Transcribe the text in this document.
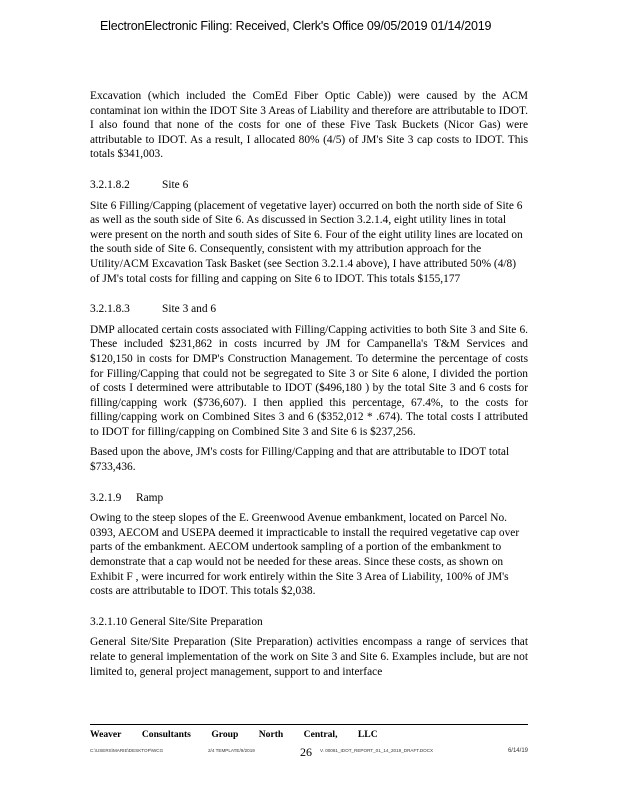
ElectronElectronic Filing: Received, Clerk's Office 09/05/2019 01/14/2019

Excavation (which included the ComEd Fiber Optic Cable)) were caused by the ACM contaminat ion within the IDOT Site 3 Areas of Liability and therefore are attributable to IDOT. I also found that none of the costs for one of these Five Task Buckets (Nicor Gas) were attributable to IDOT. As a result, I allocated 80% (4/5) of JM's Site 3 cap costs to IDOT. This totals $341,003.

3.2.1.8.2	Site 6

Site 6 Filling/Capping (placement of vegetative layer) occurred on both the north side of Site 6 as well as the south side of Site 6. As discussed in Section 3.2.1.4, eight utility lines in total were present on the north and south sides of Site 6. Four of the eight utility lines are located on the south side of Site 6. Consequently, consistent with my attribution approach for the Utility/ACM Excavation Task Basket (see Section 3.2.1.4 above), I have attributed 50% (4/8) of JM's total costs for filling and capping on Site 6 to IDOT. This totals $155,177

3.2.1.8.3	Site 3 and 6

DMP allocated certain costs associated with Filling/Capping activities to both Site 3 and Site 6. These included $231,862 in costs incurred by JM for Campanella's T&M Services and $120,150 in costs for DMP's Construction Management. To determine the percentage of costs for Filling/Capping that could not be segregated to Site 3 or Site 6 alone, I divided the portion of costs I determined were attributable to IDOT ($496,180 ) by the total Site 3 and 6 costs for filling/capping work ($736,607). I then applied this percentage, 67.4%, to the costs for filling/capping work on Combined Sites 3 and 6 ($352,012 * .674). The total costs I attributed to IDOT for filling/capping on Combined Site 3 and Site 6 is $237,256.

Based upon the above, JM's costs for Filling/Capping and that are attributable to IDOT total $733,436.

3.2.1.9 Ramp

Owing to the steep slopes of the E. Greenwood Avenue embankment, located on Parcel No. 0393, AECOM and USEPA deemed it impracticable to install the required vegetative cap over parts of the embankment. AECOM undertook sampling of a portion of the embankment to demonstrate that a cap would not be needed for these areas. Since these costs, as shown on Exhibit F , were incurred for work entirely within the Site 3 Area of Liability, 100% of JM's costs are attributable to IDOT. This totals $2,038.

3.2.1.10 General Site/Site Preparation

General Site/Site Preparation (Site Preparation) activities encompass a range of services that relate to general implementation of the work on Site 3 and Site 6. Examples include, but are not limited to, general project management, support to and interface

Weaver Consultants Group North Central, LLC
C:\USERS\MARIE\DESKTOP\WCG	2/4 TEMPLATE/9/2019	V. 00081_IDOT_REPORT_01_14_2019_DRAFT.DOCX	6/14/19
26
